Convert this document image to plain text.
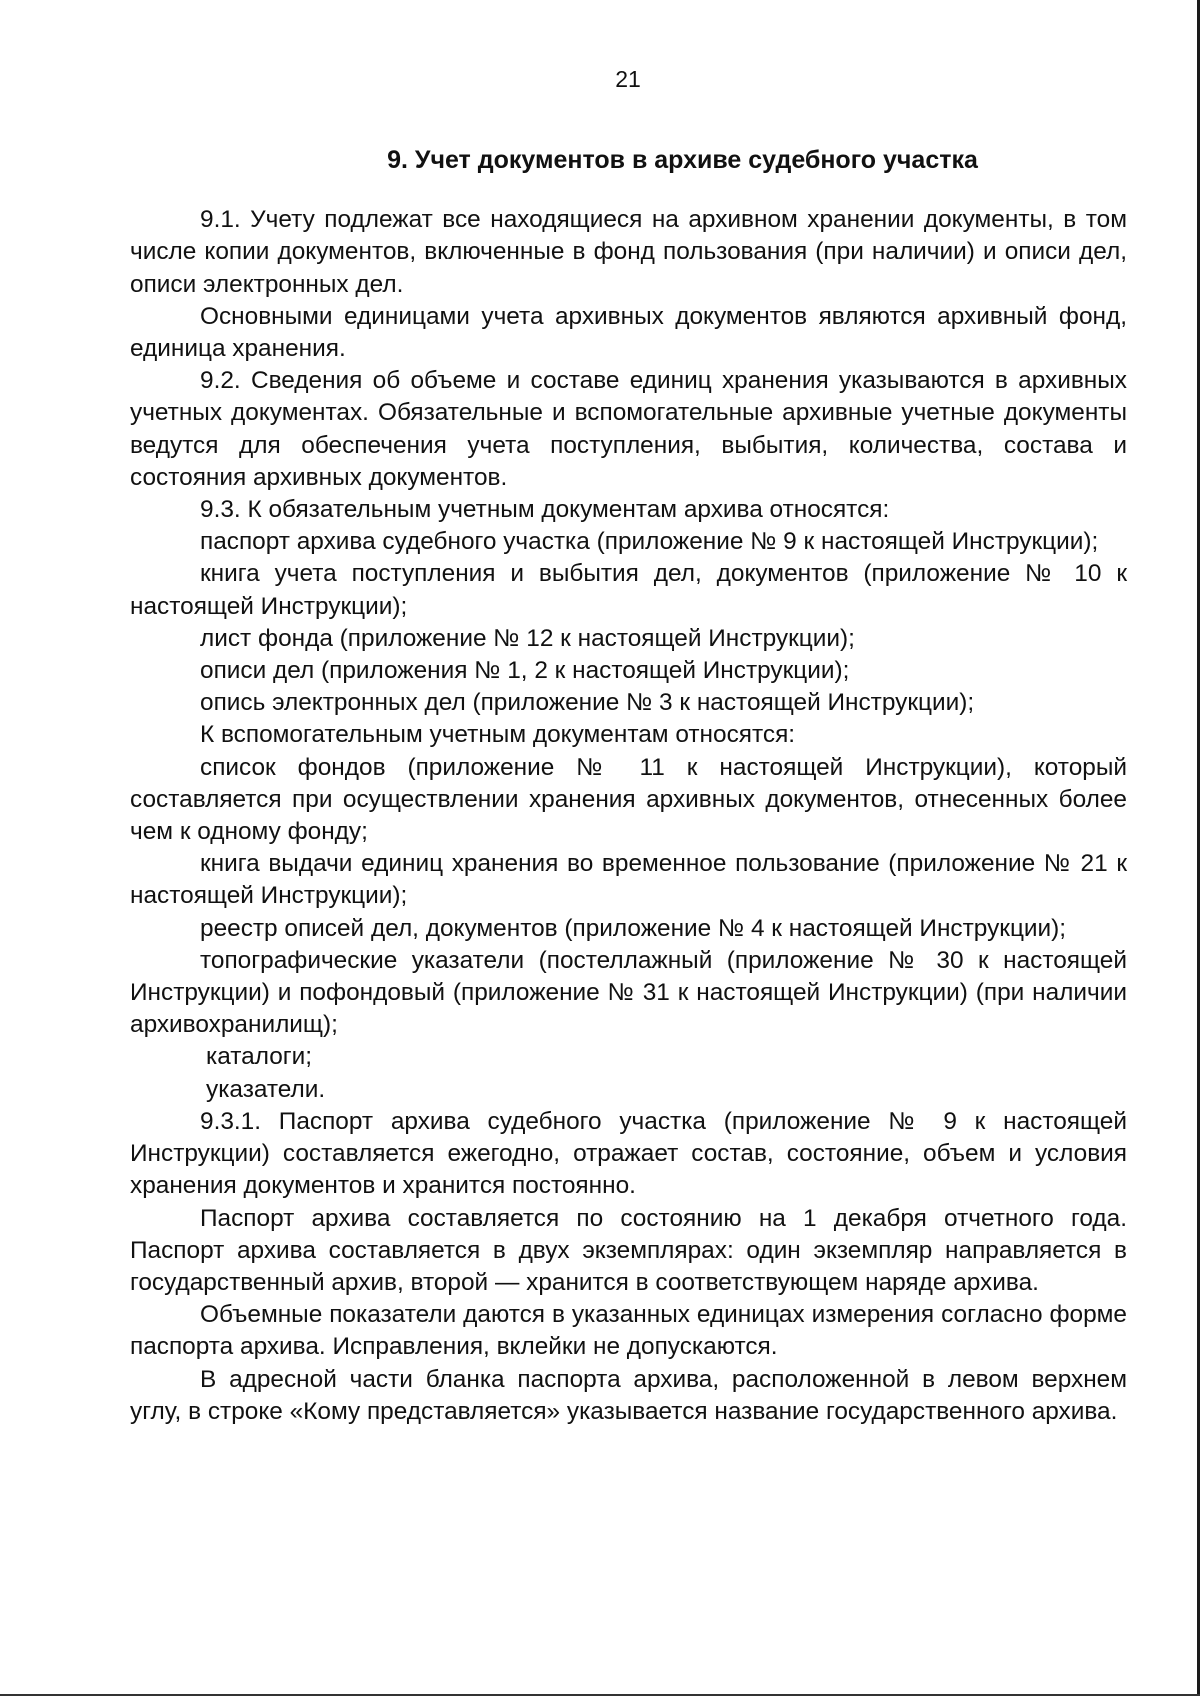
21
9. Учет документов в архиве судебного участка

9.1. Учету подлежат все находящиеся на архивном хранении документы, в том числе копии документов, включенные в фонд пользования (при наличии) и описи дел, описи электронных дел.

Основными единицами учета архивных документов являются архивный фонд, единица хранения.

9.2. Сведения об объеме и составе единиц хранения указываются в архивных учетных документах. Обязательные и вспомогательные архивные учетные документы ведутся для обеспечения учета поступления, выбытия, количества, состава и состояния архивных документов.

9.3. К обязательным учетным документам архива относятся:

паспорт архива судебного участка (приложение № 9 к настоящей Инструкции);

книга учета поступления и выбытия дел, документов (приложение № 10 к настоящей Инструкции);

лист фонда (приложение № 12 к настоящей Инструкции);

описи дел (приложения № 1, 2 к настоящей Инструкции);

опись электронных дел (приложение № 3 к настоящей Инструкции);

К вспомогательным учетным документам относятся:

список фондов (приложение № 11 к настоящей Инструкции), который составляется при осуществлении хранения архивных документов, отнесенных более чем к одному фонду;

книга выдачи единиц хранения во временное пользование (приложение № 21 к настоящей Инструкции);

реестр описей дел, документов (приложение № 4 к настоящей Инструкции);

топографические указатели (постеллажный (приложение № 30 к настоящей Инструкции) и пофондовый (приложение № 31 к настоящей Инструкции) (при наличии архивохранилищ);

каталоги;

указатели.

9.3.1. Паспорт архива судебного участка (приложение № 9 к настоящей Инструкции) составляется ежегодно, отражает состав, состояние, объем и условия хранения документов и хранится постоянно.

Паспорт архива составляется по состоянию на 1 декабря отчетного года. Паспорт архива составляется в двух экземплярах: один экземпляр направляется в государственный архив, второй — хранится в соответствующем наряде архива.

Объемные показатели даются в указанных единицах измерения согласно форме паспорта архива. Исправления, вклейки не допускаются.

В адресной части бланка паспорта архива, расположенной в левом верхнем углу, в строке «Кому представляется» указывается название государственного архива.
